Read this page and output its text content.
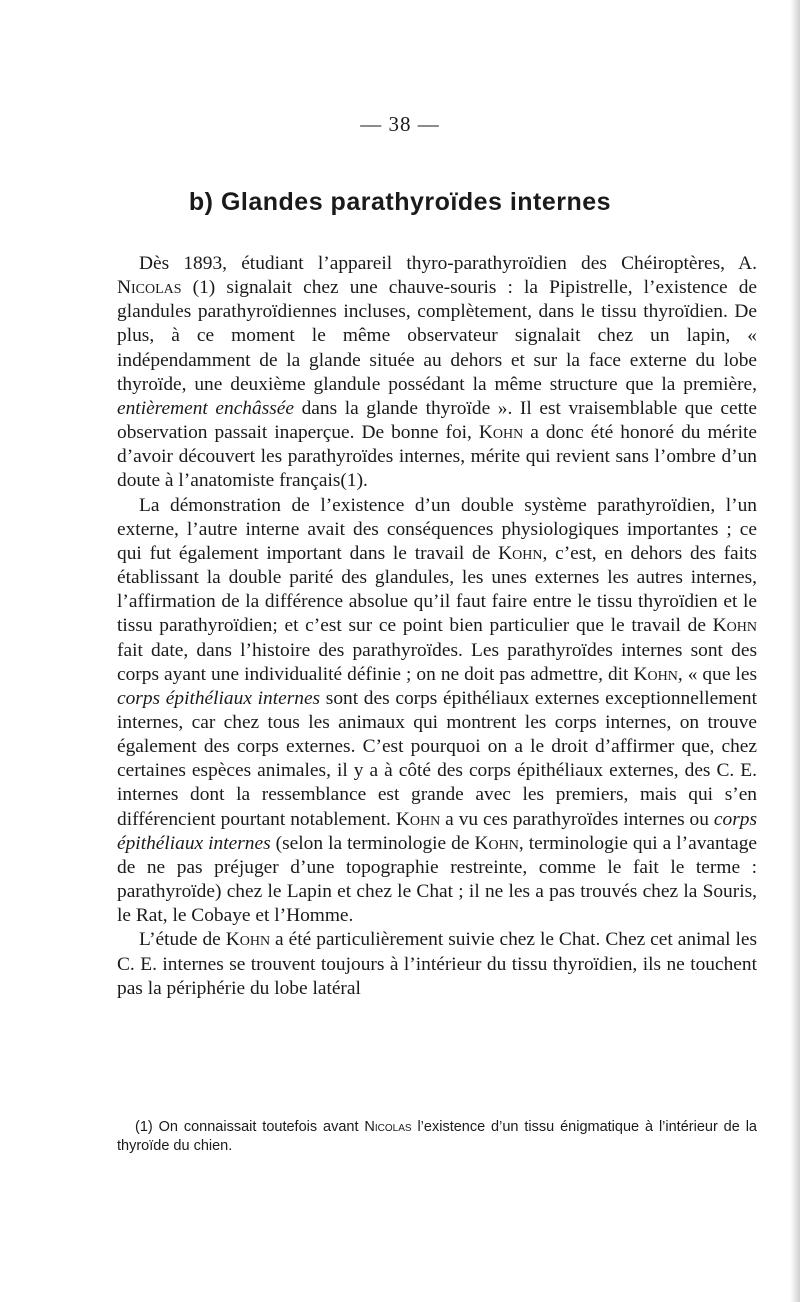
— 38 —
b) Glandes parathyroïdes internes

Dès 1893, étudiant l’appareil thyro-parathyroïdien des Chéiroptères, A. Nicolas (1) signalait chez une chauve-souris : la Pipistrelle, l’existence de glandules parathyroïdiennes incluses, complètement, dans le tissu thyroïdien. De plus, à ce moment le même observateur signalait chez un lapin, « indépendamment de la glande située au dehors et sur la face externe du lobe thyroïde, une deuxième glandule possédant la même structure que la première, entièrement enchâssée dans la glande thyroïde ». Il est vraisemblable que cette observation passait inaperçue. De bonne foi, Kohn a donc été honoré du mérite d’avoir découvert les parathyroïdes internes, mérite qui revient sans l’ombre d’un doute à l’anatomiste français(1).

La démonstration de l’existence d’un double système parathyroïdien, l’un externe, l’autre interne avait des conséquences physiologiques importantes ; ce qui fut également important dans le travail de Kohn, c’est, en dehors des faits établissant la double parité des glandules, les unes externes les autres internes, l’affirmation de la différence absolue qu’il faut faire entre le tissu thyroïdien et le tissu parathyroïdien; et c’est sur ce point bien particulier que le travail de Kohn fait date, dans l’histoire des parathyroïdes. Les parathyroïdes internes sont des corps ayant une individualité définie ; on ne doit pas admettre, dit Kohn, « que les corps épithéliaux internes sont des corps épithéliaux externes exceptionnellement internes, car chez tous les animaux qui montrent les corps internes, on trouve également des corps externes. C’est pourquoi on a le droit d’affirmer que, chez certaines espèces animales, il y a à côté des corps épithéliaux externes, des C. E. internes dont la ressemblance est grande avec les premiers, mais qui s’en différencient pourtant notablement. Kohn a vu ces parathyroïdes internes ou corps épithéliaux internes (selon la terminologie de Kohn, terminologie qui a l’avantage de ne pas préjuger d’une topographie restreinte, comme le fait le terme : parathyroïde) chez le Lapin et chez le Chat ; il ne les a pas trouvés chez la Souris, le Rat, le Cobaye et l’Homme.

L’étude de Kohn a été particulièrement suivie chez le Chat. Chez cet animal les C. E. internes se trouvent toujours à l’intérieur du tissu thyroïdien, ils ne touchent pas la périphérie du lobe latéral

(1) On connaissait toutefois avant Nicolas l’existence d’un tissu énigmatique à l’intérieur de la thyroïde du chien.
